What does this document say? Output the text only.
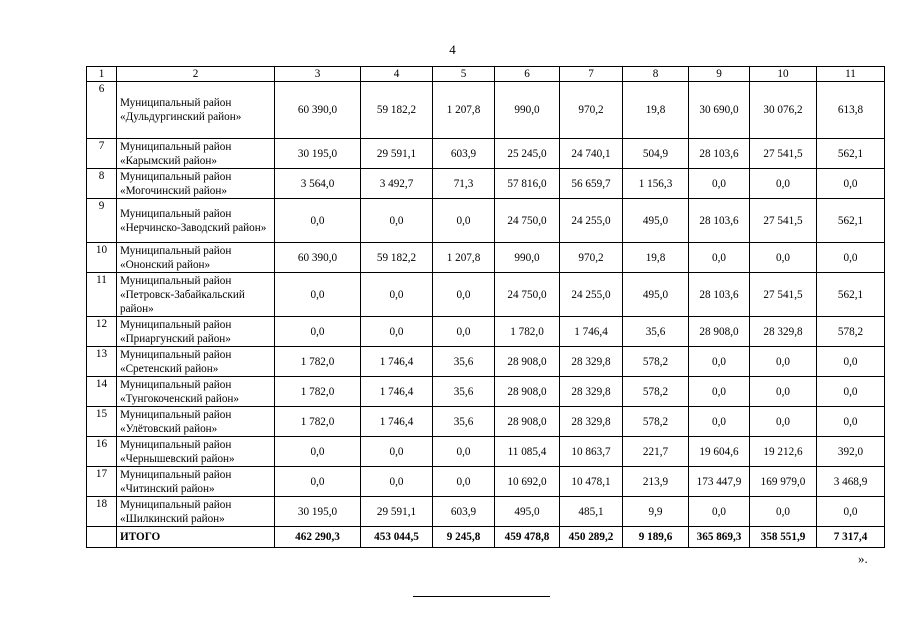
4
1	2	3	4	5	6	7	8	9	10	11
6	Муниципальный район «Дульдургинский район»	60 390,0	59 182,2	1 207,8	990,0	970,2	19,8	30 690,0	30 076,2	613,8
7	Муниципальный район «Карымский район»	30 195,0	29 591,1	603,9	25 245,0	24 740,1	504,9	28 103,6	27 541,5	562,1
8	Муниципальный район «Могочинский район»	3 564,0	3 492,7	71,3	57 816,0	56 659,7	1 156,3	0,0	0,0	0,0
9	Муниципальный район «Нерчинско-Заводский район»	0,0	0,0	0,0	24 750,0	24 255,0	495,0	28 103,6	27 541,5	562,1
10	Муниципальный район «Ононский район»	60 390,0	59 182,2	1 207,8	990,0	970,2	19,8	0,0	0,0	0,0
11	Муниципальный район «Петровск-Забайкальский район»	0,0	0,0	0,0	24 750,0	24 255,0	495,0	28 103,6	27 541,5	562,1
12	Муниципальный район «Приаргунский район»	0,0	0,0	0,0	1 782,0	1 746,4	35,6	28 908,0	28 329,8	578,2
13	Муниципальный район «Сретенский район»	1 782,0	1 746,4	35,6	28 908,0	28 329,8	578,2	0,0	0,0	0,0
14	Муниципальный район «Тунгокоченский район»	1 782,0	1 746,4	35,6	28 908,0	28 329,8	578,2	0,0	0,0	0,0
15	Муниципальный район «Улётовский район»	1 782,0	1 746,4	35,6	28 908,0	28 329,8	578,2	0,0	0,0	0,0
16	Муниципальный район «Чернышевский район»	0,0	0,0	0,0	11 085,4	10 863,7	221,7	19 604,6	19 212,6	392,0
17	Муниципальный район «Читинский район»	0,0	0,0	0,0	10 692,0	10 478,1	213,9	173 447,9	169 979,0	3 468,9
18	Муниципальный район «Шилкинский район»	30 195,0	29 591,1	603,9	495,0	485,1	9,9	0,0	0,0	0,0
	ИТОГО	462 290,3	453 044,5	9 245,8	459 478,8	450 289,2	9 189,6	365 869,3	358 551,9	7 317,4
».
